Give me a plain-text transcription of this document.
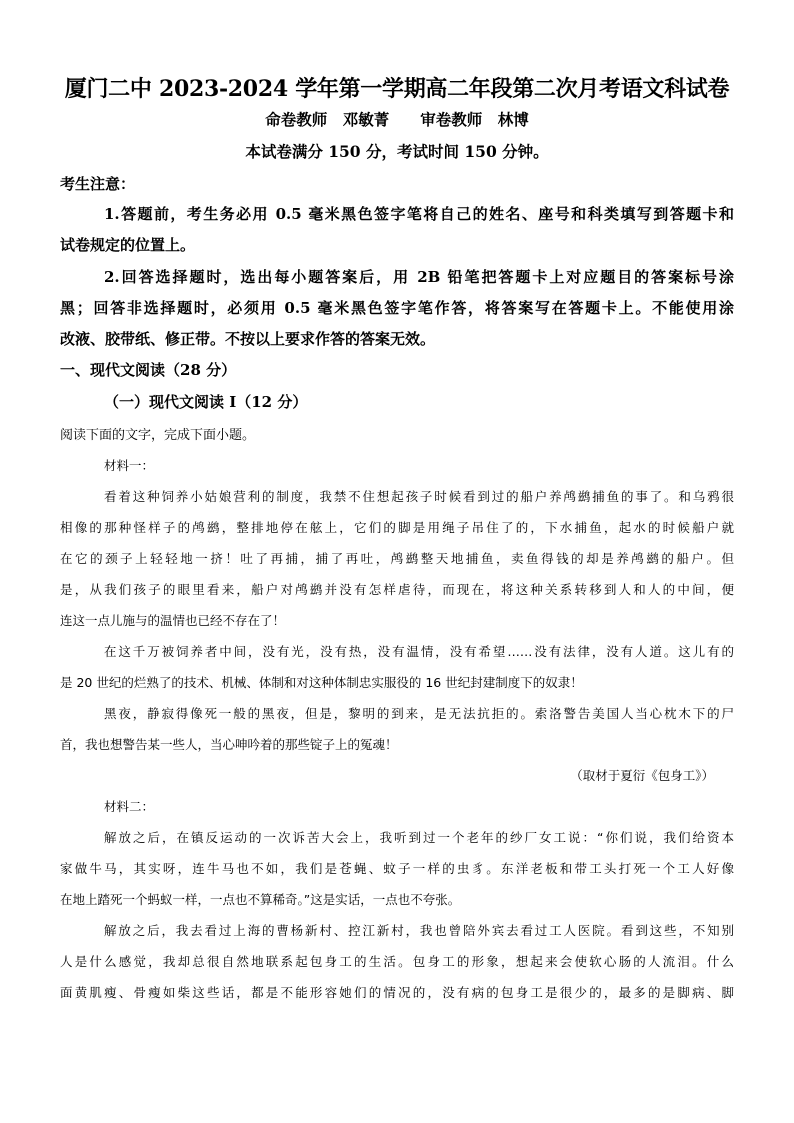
厦门二中 2023-2024 学年第一学期高二年段第二次月考语文科试卷
命卷教师　邓敏菁　　审卷教师　林博
本试卷满分 150 分，考试时间 150 分钟。
考生注意：
1.答题前，考生务必用 0.5 毫米黑色签字笔将自己的姓名、座号和科类填写到答题卡和
试卷规定的位置上。
2.回答选择题时，选出每小题答案后，用 2B 铅笔把答题卡上对应题目的答案标号涂
黑；回答非选择题时，必须用 0.5 毫米黑色签字笔作答，将答案写在答题卡上。不能使用涂
改液、胶带纸、修正带。不按以上要求作答的答案无效。
一、现代文阅读（28 分）
（一）现代文阅读 I（12 分）
阅读下面的文字，完成下面小题。
材料一：
看着这种饲养小姑娘营利的制度，我禁不住想起孩子时候看到过的船户养鸬鹚捕鱼的事了。和乌鸦很
相像的那种怪样子的鸬鹚，整排地停在舷上，它们的脚是用绳子吊住了的，下水捕鱼，起水的时候船户就
在它的颈子上轻轻地一挤！吐了再捕，捕了再吐，鸬鹚整天地捕鱼，卖鱼得钱的却是养鸬鹚的船户。但
是，从我们孩子的眼里看来，船户对鸬鹚并没有怎样虐待，而现在，将这种关系转移到人和人的中间，便
连这一点儿施与的温情也已经不存在了！
在这千万被饲养者中间，没有光，没有热，没有温情，没有希望……没有法律，没有人道。这儿有的
是 20 世纪的烂熟了的技术、机械、体制和对这种体制忠实服役的 16 世纪封建制度下的奴隶！
黑夜，静寂得像死一般的黑夜，但是，黎明的到来，是无法抗拒的。索洛警告美国人当心枕木下的尸
首，我也想警告某一些人，当心呻吟着的那些锭子上的冤魂！
（取材于夏衍《包身工》）
材料二：
解放之后，在镇反运动的一次诉苦大会上，我听到过一个老年的纱厂女工说：“你们说，我们给资本
家做牛马，其实呀，连牛马也不如，我们是苍蝇、蚊子一样的虫豸。东洋老板和带工头打死一个工人好像
在地上踏死一个蚂蚁一样，一点也不算稀奇。”这是实话，一点也不夸张。
解放之后，我去看过上海的曹杨新村、控江新村，我也曾陪外宾去看过工人医院。看到这些，不知别
人是什么感觉，我却总很自然地联系起包身工的生活。包身工的形象，想起来会使软心肠的人流泪。什么
面黄肌瘦、骨瘦如柴这些话，都是不能形容她们的情况的，没有病的包身工是很少的，最多的是脚病、脚
